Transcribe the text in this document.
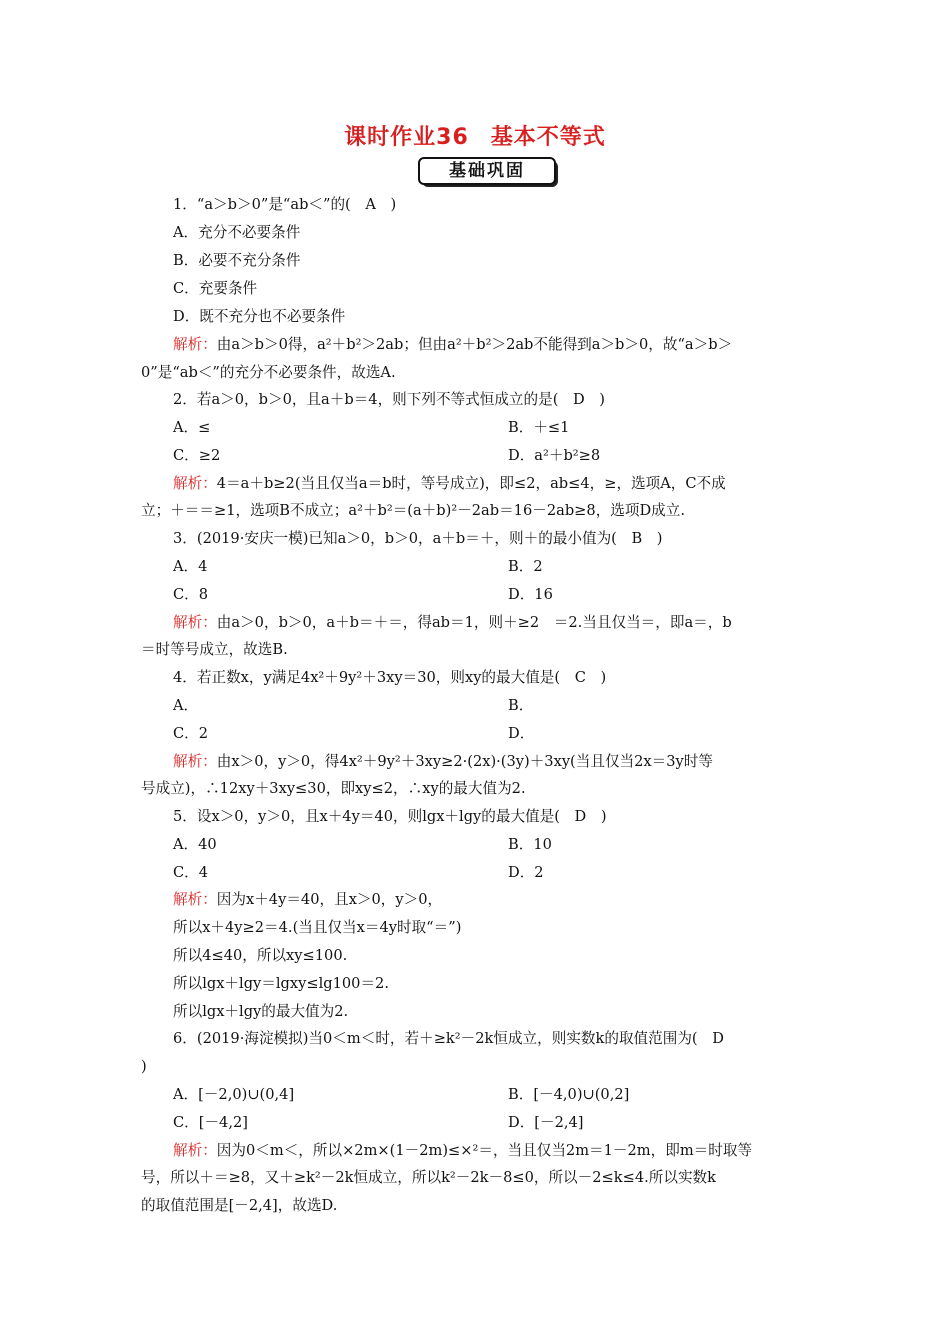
课时作业36 基本不等式
基础巩固
1．“a＞b＞0”是“ab＜”的(　A　)
A．充分不必要条件
B．必要不充分条件
C．充要条件
D．既不充分也不必要条件
解析：由a＞b＞0得，a²＋b²＞2ab；但由a²＋b²＞2ab不能得到a＞b＞0，故“a＞b＞
0”是“ab＜”的充分不必要条件，故选A.
2．若a＞0，b＞0，且a＋b＝4，则下列不等式恒成立的是(　D　)
A．≤	B．＋≤1
C．≥2	D．a²＋b²≥8
解析：4＝a＋b≥2(当且仅当a＝b时，等号成立)，即≤2，ab≤4，≥，选项A，C不成
立；＋＝＝≥1，选项B不成立；a²＋b²＝(a＋b)²－2ab＝16－2ab≥8，选项D成立.
3．(2019·安庆一模)已知a＞0，b＞0，a＋b＝＋，则＋的最小值为(　B　)
A．4	B．2
C．8	D．16
解析：由a＞0，b＞0，a＋b＝＋＝，得ab＝1，则＋≥2　＝2.当且仅当＝，即a＝，b
＝时等号成立，故选B.
4．若正数x，y满足4x²＋9y²＋3xy＝30，则xy的最大值是(　C　)
A．	B．
C．2	D．
解析：由x＞0，y＞0，得4x²＋9y²＋3xy≥2·(2x)·(3y)＋3xy(当且仅当2x＝3y时等
号成立)，∴12xy＋3xy≤30，即xy≤2，∴xy的最大值为2.
5．设x＞0，y＞0，且x＋4y＝40，则lgx＋lgy的最大值是(　D　)
A．40	B．10
C．4	D．2
解析：因为x＋4y＝40，且x＞0，y＞0，
所以x＋4y≥2＝4.(当且仅当x＝4y时取“＝”)
所以4≤40，所以xy≤100.
所以lgx＋lgy＝lgxy≤lg100＝2.
所以lgx＋lgy的最大值为2.
6．(2019·海淀模拟)当0＜m＜时，若＋≥k²－2k恒成立，则实数k的取值范围为(　D
)
A．[－2,0)∪(0,4]	B．[－4,0)∪(0,2]
C．[－4,2]	D．[－2,4]
解析：因为0＜m＜，所以×2m×(1－2m)≤×²＝，当且仅当2m＝1－2m，即m＝时取等
号，所以＋＝≥8，又＋≥k²－2k恒成立，所以k²－2k－8≤0，所以－2≤k≤4.所以实数k
的取值范围是[－2,4]，故选D.
